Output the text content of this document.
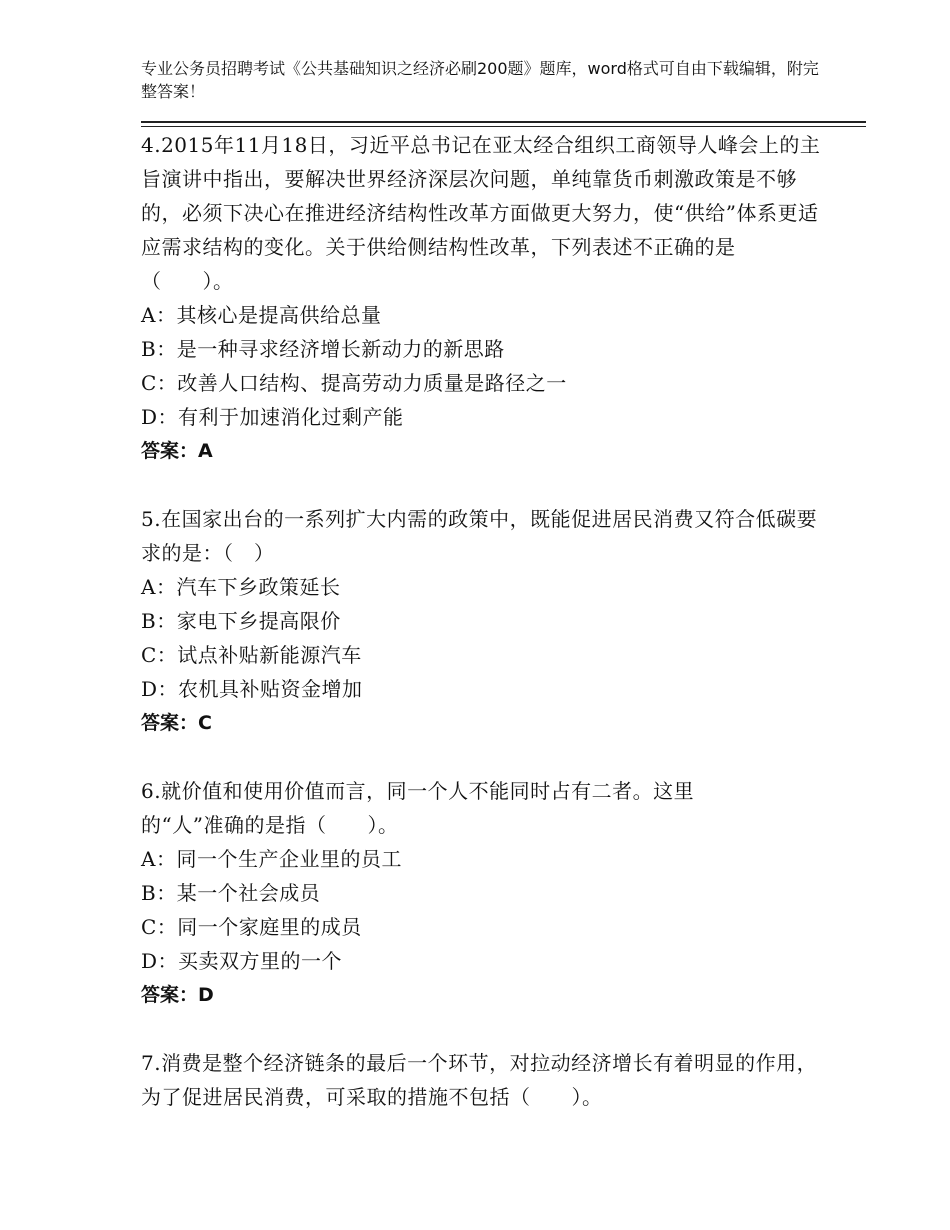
专业公务员招聘考试《公共基础知识之经济必刷200题》题库，word格式可自由下载编辑，附完整答案！
4.2015年11月18日，习近平总书记在亚太经合组织工商领导人峰会上的主旨演讲中指出，要解决世界经济深层次问题，单纯靠货币刺激政策是不够的，必须下决心在推进经济结构性改革方面做更大努力，使“供给”体系更适应需求结构的变化。关于供给侧结构性改革，下列表述不正确的是（　　）。
A：其核心是提高供给总量
B：是一种寻求经济增长新动力的新思路
C：改善人口结构、提高劳动力质量是路径之一
D：有利于加速消化过剩产能
答案：A
5.在国家出台的一系列扩大内需的政策中，既能促进居民消费又符合低碳要求的是：（　）
A：汽车下乡政策延长
B：家电下乡提高限价
C：试点补贴新能源汽车
D：农机具补贴资金增加
答案：C
6.就价值和使用价值而言，同一个人不能同时占有二者。这里
的“人”准确的是指（　　）。
A：同一个生产企业里的员工
B：某一个社会成员
C：同一个家庭里的成员
D：买卖双方里的一个
答案：D
7.消费是整个经济链条的最后一个环节，对拉动经济增长有着明显的作用，为了促进居民消费，可采取的措施不包括（　　）。
